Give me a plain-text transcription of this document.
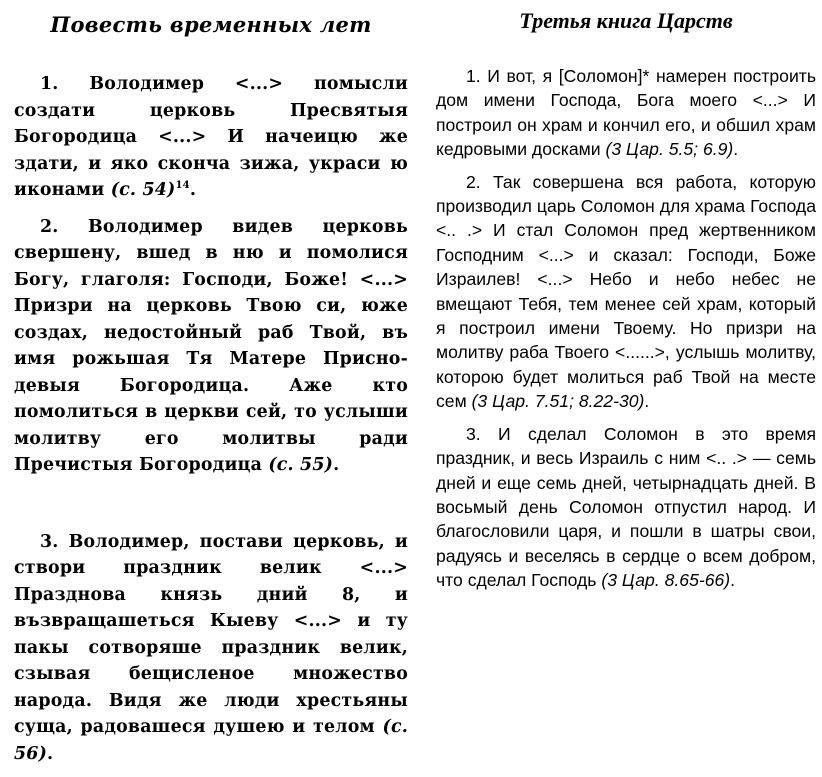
Повесть временных лет

1. Володимер <...> помысли создати церковь Пресвятыя Богородица <...> И начеицю же здати, и яко сконча зижа, украси ю иконами (с. 54)$^{14}$.

2. Володимер видев церковь свершену, вшед в ню и помолися Богу, глаголя: Господи, Боже! <...> Призри на церковь Твою си, юже создах, недостойный раб Твой, въ имя рожьшая Тя Матере Присно-девыя Богородица. Аже кто помолиться в церкви сей, то услыши молитву его молитвы ради Пречистыя Богородица (с. 55).

3. Володимер, постави церковь, и створи праздник велик <...> Празднова князь дний 8, и възвращашеться Кыеву <...> и ту пакы сотворяше праздник велик, сзывая бещисленое множество народа. Видя же люди хрестьяны суща, радовашеся душею и телом (с. 56).

Третья книга Царств

1. И вот, я [Соломон]* намерен построить дом имени Господа, Бога моего <...> И построил он храм и кончил его, и обшил храм кедровыми досками (3 Цар. 5.5; 6.9).

2. Так совершена вся работа, которую производил царь Соломон для храма Господа <.. .> И стал Соломон пред жертвенником Господним <...> и сказал: Господи, Боже Израилев! <...> Небо и небо небес не вмещают Тебя, тем менее сей храм, который я построил имени Твоему. Но призри на молитву раба Твоего <......>, услышь молитву, которою будет молиться раб Твой на месте сем (3 Цар. 7.51; 8.22-30).

3. И сделал Соломон в это время праздник, и весь Израиль с ним <.. .> — семь дней и еще семь дней, четырнадцать дней. В восьмый день Соломон отпустил народ. И благословили царя, и пошли в шатры свои, радуясь и веселясь в сердце о всем добром, что сделал Господь (3 Цар. 8.65-66).
